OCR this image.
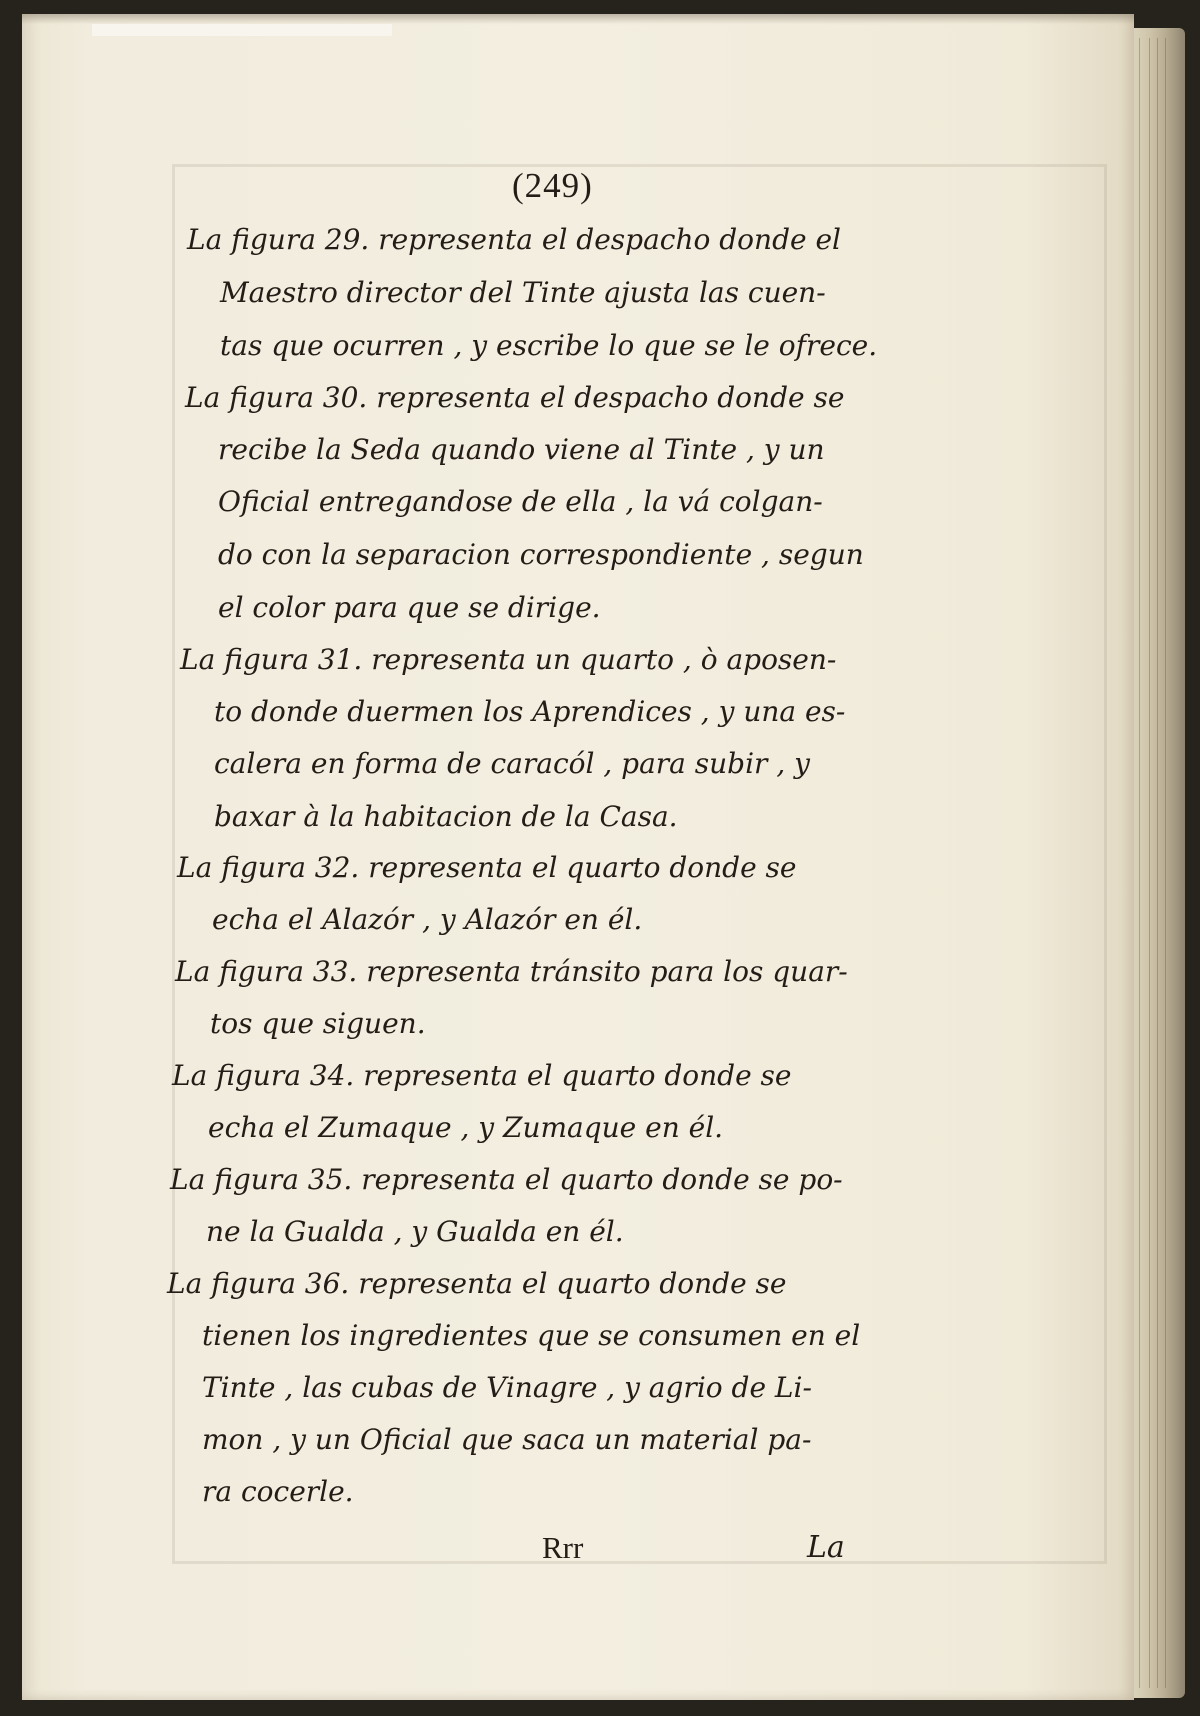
(249)
La figura 29. representa el despacho donde el
Maestro director del Tinte ajusta las cuen-
tas que ocurren , y escribe lo que se le ofrece.
La figura 30. representa el despacho donde se
recibe la Seda quando viene al Tinte , y un
Oficial entregandose de ella , la vá colgan-
do con la separacion correspondiente , segun
el color para que se dirige.
La figura 31. representa un quarto , ò aposen-
to donde duermen los Aprendices , y una es-
calera en forma de caracól , para subir , y
baxar à la habitacion de la Casa.
La figura 32. representa el quarto donde se
echa el Alazór , y Alazór en él.
La figura 33. representa tránsito para los quar-
tos que siguen.
La figura 34. representa el quarto donde se
echa el Zumaque , y Zumaque en él.
La figura 35. representa el quarto donde se po-
ne la Gualda , y Gualda en él.
La figura 36. representa el quarto donde se
tienen los ingredientes que se consumen en el
Tinte , las cubas de Vinagre , y agrio de Li-
mon , y un Oficial que saca un material pa-
ra cocerle.
Rrr	La
